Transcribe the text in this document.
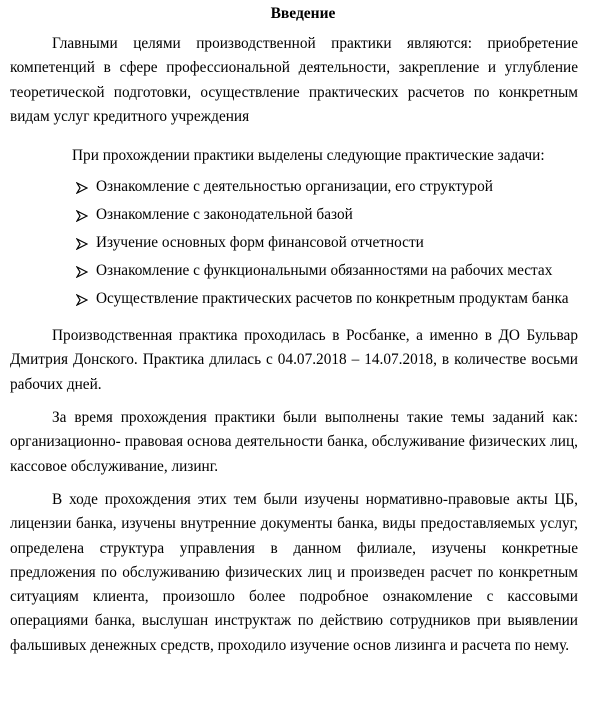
Введение
Главными целями производственной практики являются: приобретение компетенций в сфере профессиональной деятельности, закрепление и углубление теоретической подготовки, осуществление практических расчетов по конкретным видам услуг кредитного учреждения
При прохождении практики выделены следующие практические задачи:
Ознакомление с деятельностью организации, его структурой
Ознакомление с законодательной базой
Изучение основных форм финансовой отчетности
Ознакомление с функциональными обязанностями на рабочих местах
Осуществление практических расчетов по конкретным продуктам банка
Производственная практика проходилась в Росбанке, а именно в ДО Бульвар Дмитрия Донского. Практика длилась с 04.07.2018 – 14.07.2018, в количестве восьми рабочих дней.
За время прохождения практики были выполнены такие темы заданий как: организационно- правовая основа деятельности банка, обслуживание физических лиц, кассовое обслуживание, лизинг.
В ходе прохождения этих тем были изучены нормативно-правовые акты ЦБ, лицензии банка, изучены внутренние документы банка, виды предоставляемых услуг, определена структура управления в данном филиале, изучены конкретные предложения по обслуживанию физических лиц и произведен расчет по конкретным ситуациям клиента, произошло более подробное ознакомление с кассовыми операциями банка, выслушан инструктаж по действию сотрудников при выявлении фальшивых денежных средств, проходило изучение основ лизинга и расчета по нему.
